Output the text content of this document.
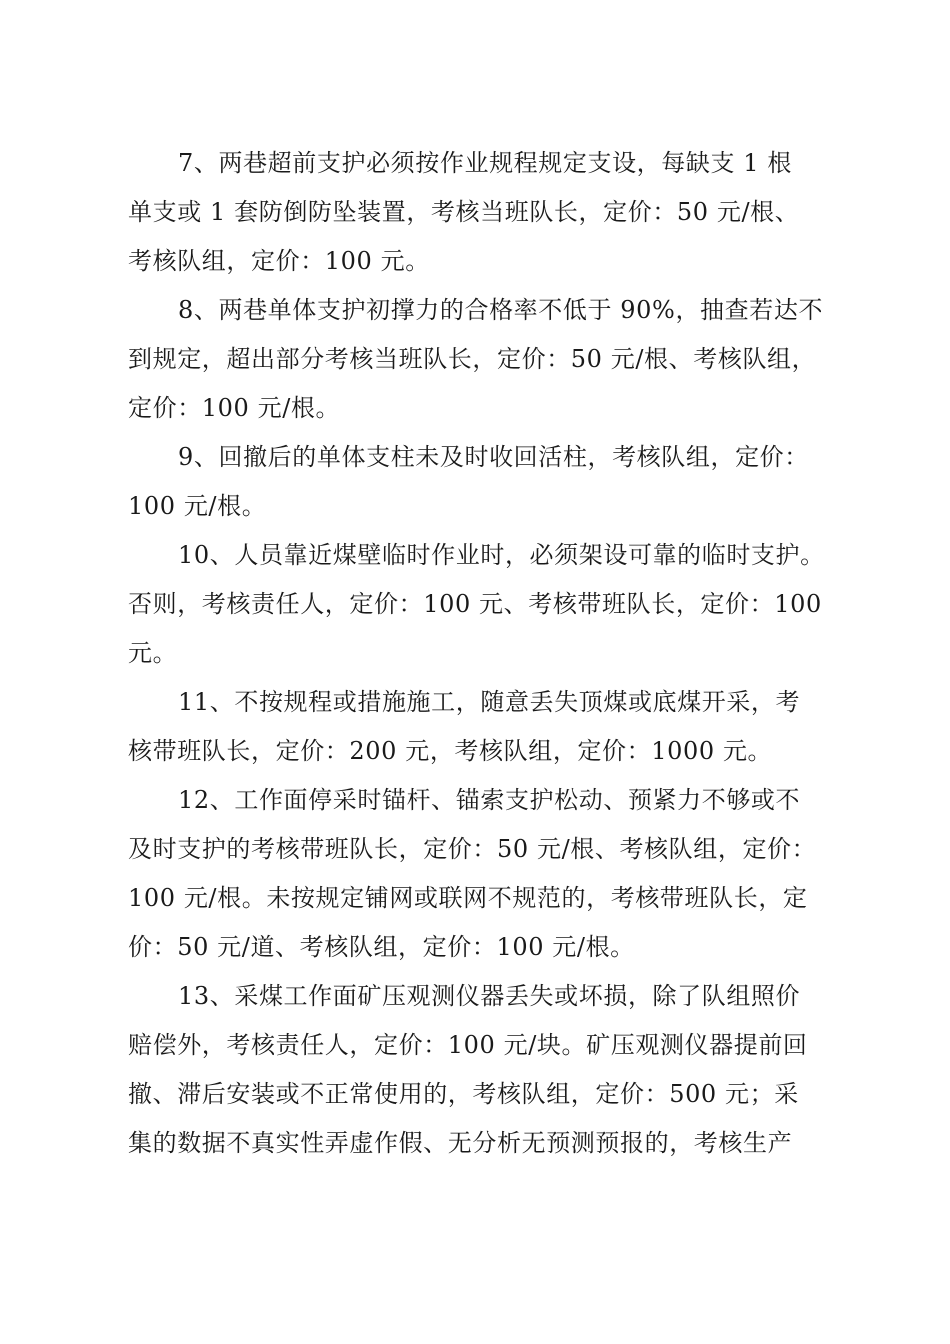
7、两巷超前支护必须按作业规程规定支设，每缺支 1 根
单支或 1 套防倒防坠装置，考核当班队长，定价：50 元/根、
考核队组，定价：100 元。
8、两巷单体支护初撑力的合格率不低于 90%，抽查若达不
到规定，超出部分考核当班队长，定价：50 元/根、考核队组，
定价：100 元/根。
9、回撤后的单体支柱未及时收回活柱，考核队组，定价：
100 元/根。
10、人员靠近煤壁临时作业时，必须架设可靠的临时支护。
否则，考核责任人，定价：100 元、考核带班队长，定价：100
元。
11、不按规程或措施施工，随意丢失顶煤或底煤开采，考
核带班队长，定价：200 元，考核队组，定价：1000 元。
12、工作面停采时锚杆、锚索支护松动、预紧力不够或不
及时支护的考核带班队长，定价：50 元/根、考核队组，定价：
100 元/根。未按规定铺网或联网不规范的，考核带班队长，定
价：50 元/道、考核队组，定价：100 元/根。
13、采煤工作面矿压观测仪器丢失或坏损，除了队组照价
赔偿外，考核责任人，定价：100 元/块。矿压观测仪器提前回
撤、滞后安装或不正常使用的，考核队组，定价：500 元；采
集的数据不真实性弄虚作假、无分析无预测预报的，考核生产
